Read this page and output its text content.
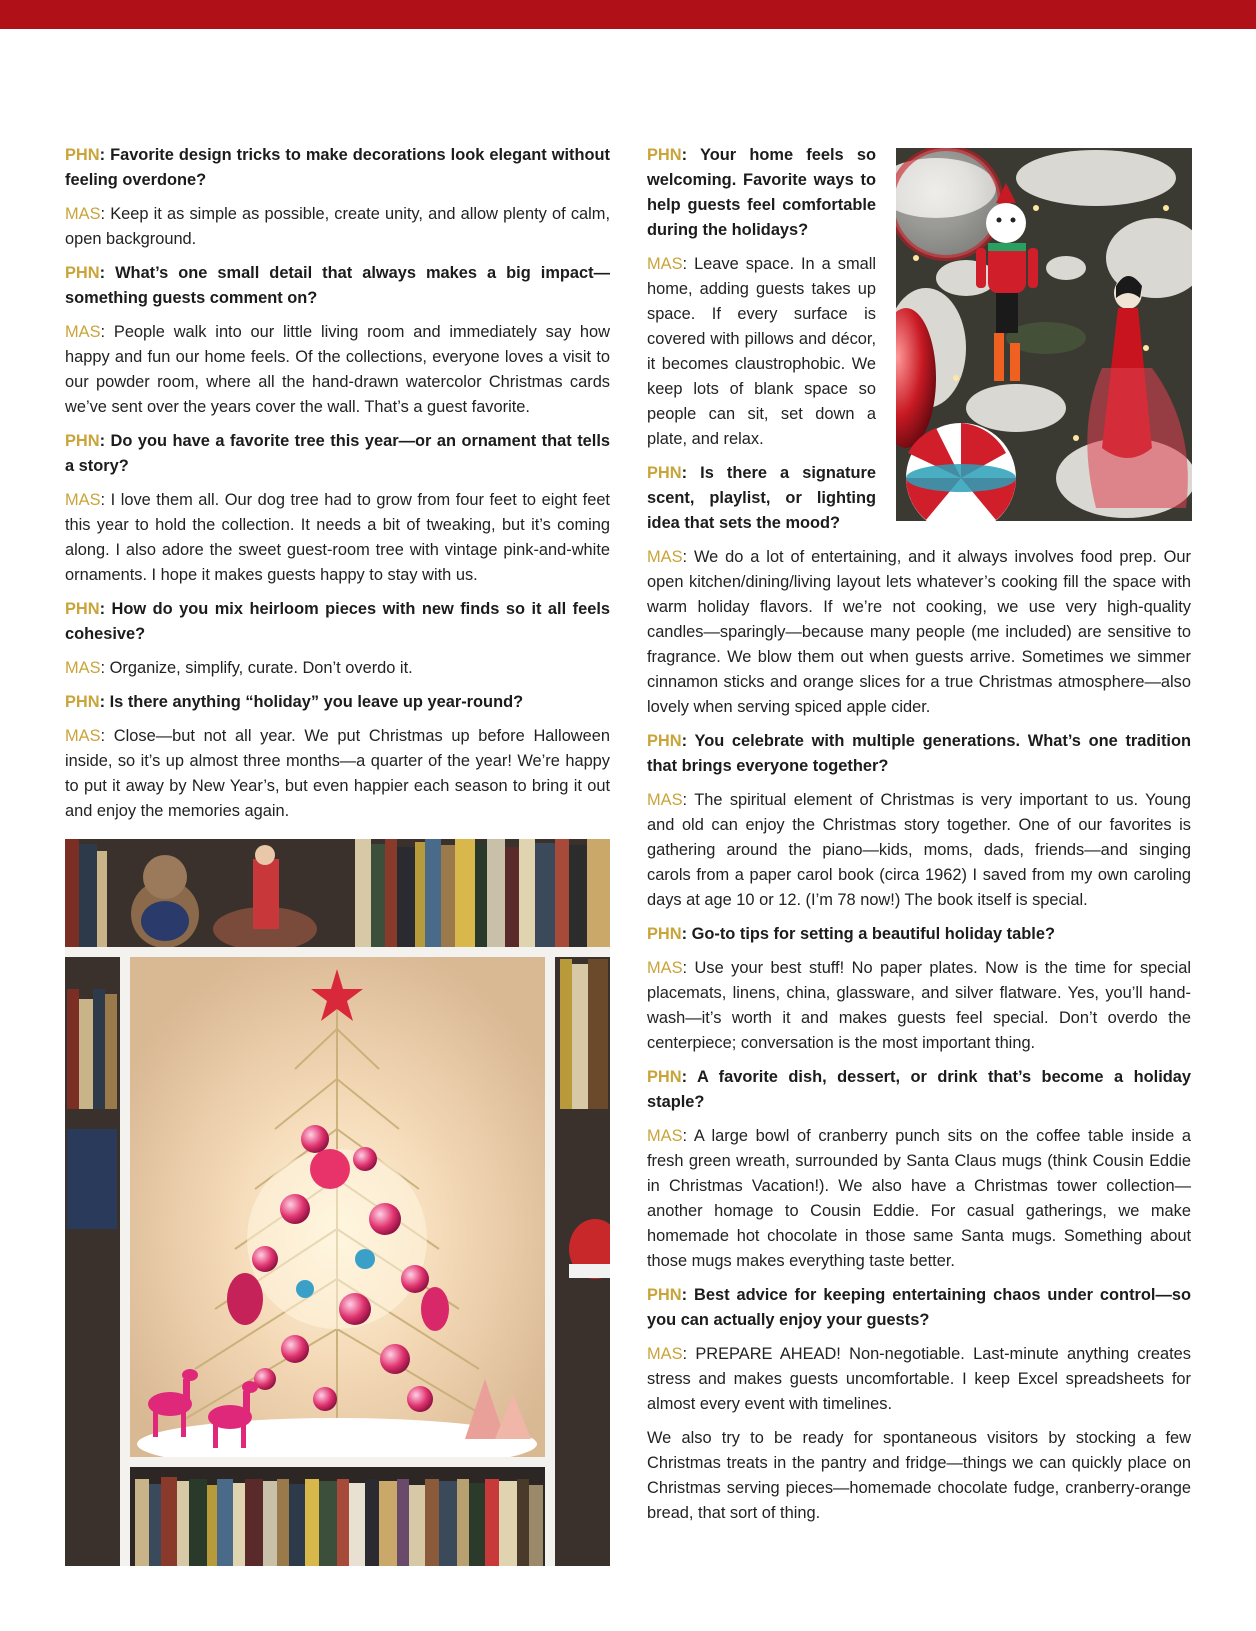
PHN: Favorite design tricks to make decorations look elegant without feeling overdone?

MAS: Keep it as simple as possible, create unity, and allow plenty of calm, open background.

PHN: What’s one small detail that always makes a big impact—something guests comment on?

MAS: People walk into our little living room and immediately say how happy and fun our home feels. Of the collections, everyone loves a visit to our powder room, where all the hand-drawn watercolor Christmas cards we’ve sent over the years cover the wall. That’s a guest favorite.

PHN: Do you have a favorite tree this year—or an ornament that tells a story?

MAS: I love them all. Our dog tree had to grow from four feet to eight feet this year to hold the collection. It needs a bit of tweaking, but it’s coming along. I also adore the sweet guest-room tree with vintage pink-and-white ornaments. I hope it makes guests happy to stay with us.

PHN: How do you mix heirloom pieces with new finds so it all feels cohesive?

MAS: Organize, simplify, curate. Don’t overdo it.

PHN: Is there anything “holiday” you leave up year-round?

MAS: Close—but not all year. We put Christmas up before Halloween inside, so it’s up almost three months—a quarter of the year! We’re happy to put it away by New Year’s, but even happier each season to bring it out and enjoy the memories again.

PHN: Your home feels so welcoming. Favorite ways to help guests feel comfortable during the holidays?

MAS: Leave space. In a small home, adding guests takes up space. If every surface is covered with pillows and décor, it becomes claustrophobic. We keep lots of blank space so people can sit, set down a plate, and relax.

PHN: Is there a signature scent, playlist, or lighting idea that sets the mood?

MAS: We do a lot of entertaining, and it always involves food prep. Our open kitchen/dining/living layout lets whatever’s cooking fill the space with warm holiday flavors. If we’re not cooking, we use very high-quality candles—sparingly—because many people (me included) are sensitive to fragrance. We blow them out when guests arrive. Sometimes we simmer cinnamon sticks and orange slices for a true Christmas atmosphere—also lovely when serving spiced apple cider.

PHN: You celebrate with multiple generations. What’s one tradition that brings everyone together?

MAS: The spiritual element of Christmas is very important to us. Young and old can enjoy the Christmas story together. One of our favorites is gathering around the piano—kids, moms, dads, friends—and singing carols from a paper carol book (circa 1962) I saved from my own caroling days at age 10 or 12. (I’m 78 now!) The book itself is special.

PHN: Go-to tips for setting a beautiful holiday table?

MAS: Use your best stuff! No paper plates. Now is the time for special placemats, linens, china, glassware, and silver flatware. Yes, you’ll hand-wash—it’s worth it and makes guests feel special. Don’t overdo the centerpiece; conversation is the most important thing.

PHN: A favorite dish, dessert, or drink that’s become a holiday staple?

MAS: A large bowl of cranberry punch sits on the coffee table inside a fresh green wreath, surrounded by Santa Claus mugs (think Cousin Eddie in Christmas Vacation!). We also have a Christmas tower collection—another homage to Cousin Eddie. For casual gatherings, we make homemade hot chocolate in those same Santa mugs. Something about those mugs makes everything taste better.

PHN: Best advice for keeping entertaining chaos under control—so you can actually enjoy your guests?

MAS: PREPARE AHEAD! Non-negotiable. Last-minute anything creates stress and makes guests uncomfortable. I keep Excel spreadsheets for almost every event with timelines.

We also try to be ready for spontaneous visitors by stocking a few Christmas treats in the pantry and fridge—things we can quickly place on Christmas serving pieces—homemade chocolate fudge, cranberry-orange bread, that sort of thing.
